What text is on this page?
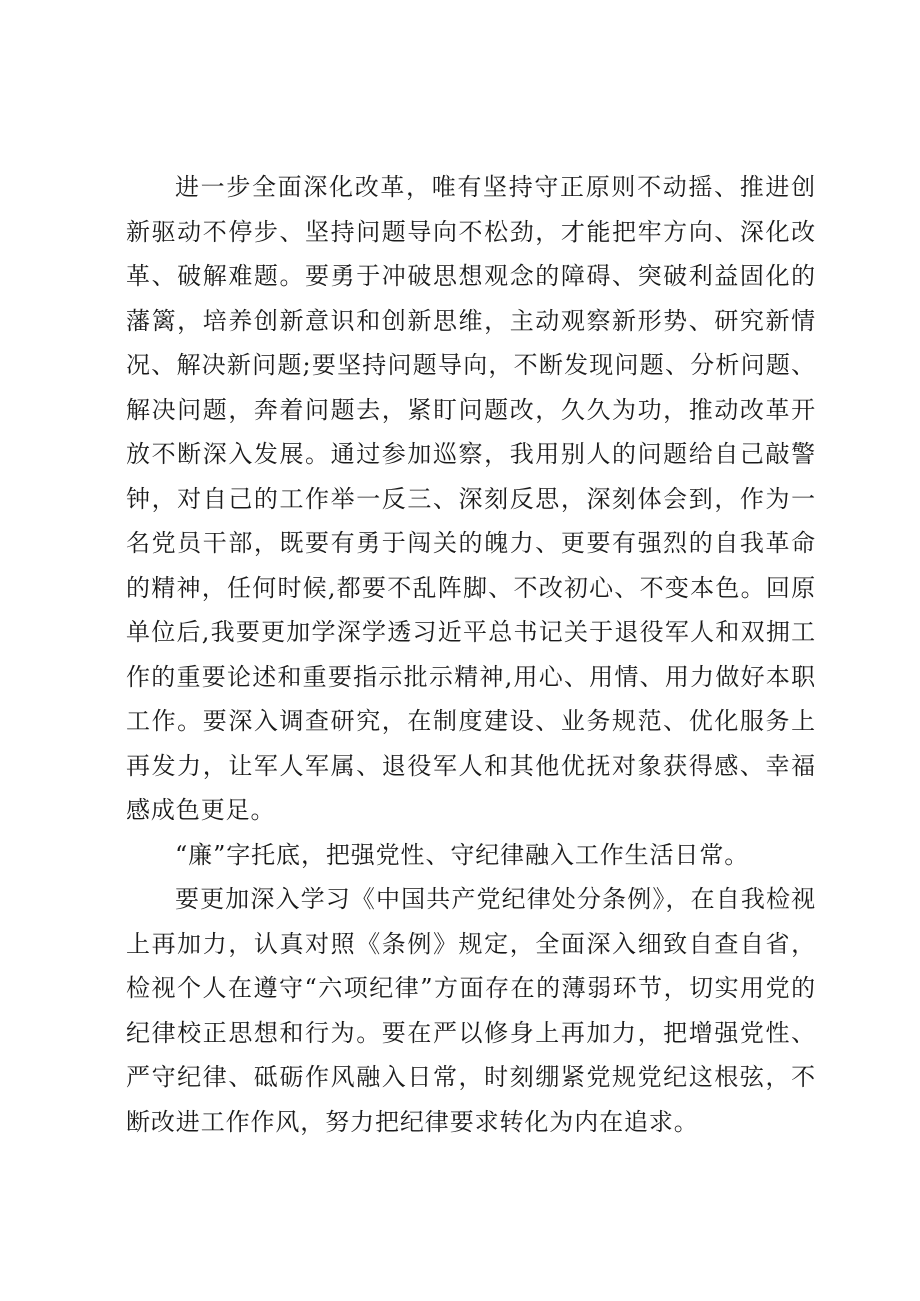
进一步全面深化改革，唯有坚持守正原则不动摇、推进创新驱动不停步、坚持问题导向不松劲，才能把牢方向、深化改革、破解难题。要勇于冲破思想观念的障碍、突破利益固化的藩篱，培养创新意识和创新思维，主动观察新形势、研究新情况、解决新问题;要坚持问题导向，不断发现问题、分析问题、解决问题，奔着问题去，紧盯问题改，久久为功，推动改革开放不断深入发展。通过参加巡察，我用别人的问题给自己敲警钟，对自己的工作举一反三、深刻反思，深刻体会到，作为一名党员干部，既要有勇于闯关的魄力、更要有强烈的自我革命的精神，任何时候,都要不乱阵脚、不改初心、不变本色。回原单位后,我要更加学深学透习近平总书记关于退役军人和双拥工作的重要论述和重要指示批示精神,用心、用情、用力做好本职工作。要深入调查研究，在制度建设、业务规范、优化服务上再发力，让军人军属、退役军人和其他优抚对象获得感、幸福感成色更足。

“廉”字托底，把强党性、守纪律融入工作生活日常。

要更加深入学习《中国共产党纪律处分条例》，在自我检视上再加力，认真对照《条例》规定，全面深入细致自查自省，检视个人在遵守“六项纪律”方面存在的薄弱环节，切实用党的纪律校正思想和行为。要在严以修身上再加力，把增强党性、严守纪律、砥砺作风融入日常，时刻绷紧党规党纪这根弦，不断改进工作作风，努力把纪律要求转化为内在追求。
